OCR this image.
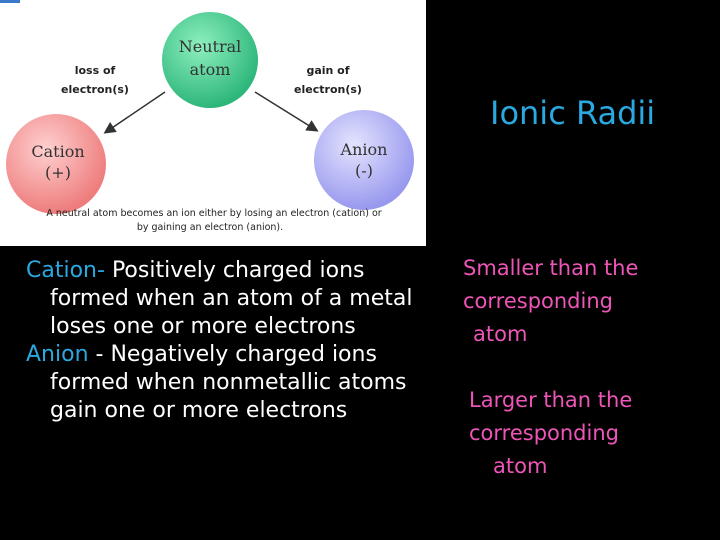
Neutral
atom
Cation
(+)
Anion
(-)
loss of
electron(s)
gain of
electron(s)
A neutral atom becomes an ion either by losing an electron (cation) or
by gaining an electron (anion).
Ionic Radii

Cation- Positively charged ions formed when an atom of a metal loses one or more electrons

Anion - Negatively charged ions formed when nonmetallic atoms gain one or more electrons

Smaller than the
corresponding
atom
Larger than the
corresponding
atom
